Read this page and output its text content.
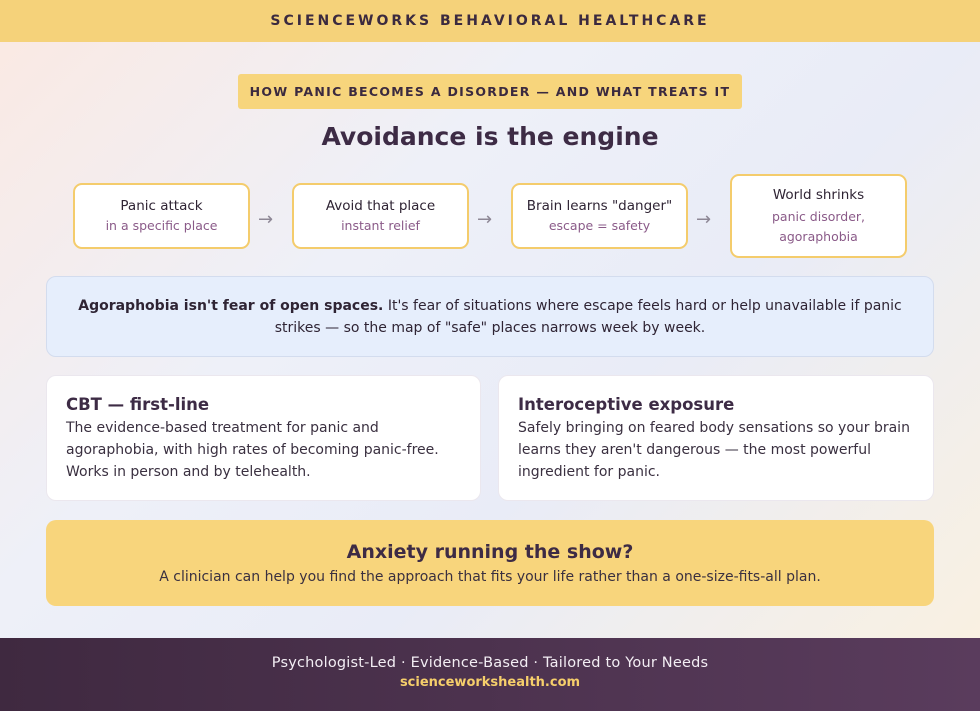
SCIENCEWORKS BEHAVIORAL HEALTHCARE
HOW PANIC BECOMES A DISORDER — AND WHAT TREATS IT
Avoidance is the engine
Panic attack
in a specific place →
Avoid that place
instant relief	→
Brain learns "danger"
escape = safety	→
World shrinks
panic disorder,
agoraphobia

Agoraphobia isn't fear of open spaces. It's fear of situations where escape feels hard or help unavailable if panic strikes — so the map of "safe" places narrows week by week.

CBT — first-line

The evidence-based treatment for panic and agoraphobia, with high rates of becoming panic-free. Works in person and by telehealth.

Interoceptive exposure

Safely bringing on feared body sensations so your brain learns they aren't dangerous — the most powerful ingredient for panic.

Anxiety running the show?

A clinician can help you find the approach that fits your life rather than a one-size-fits-all plan.

Psychologist-Led · Evidence-Based · Tailored to Your Needs
scienceworkshealth.com
